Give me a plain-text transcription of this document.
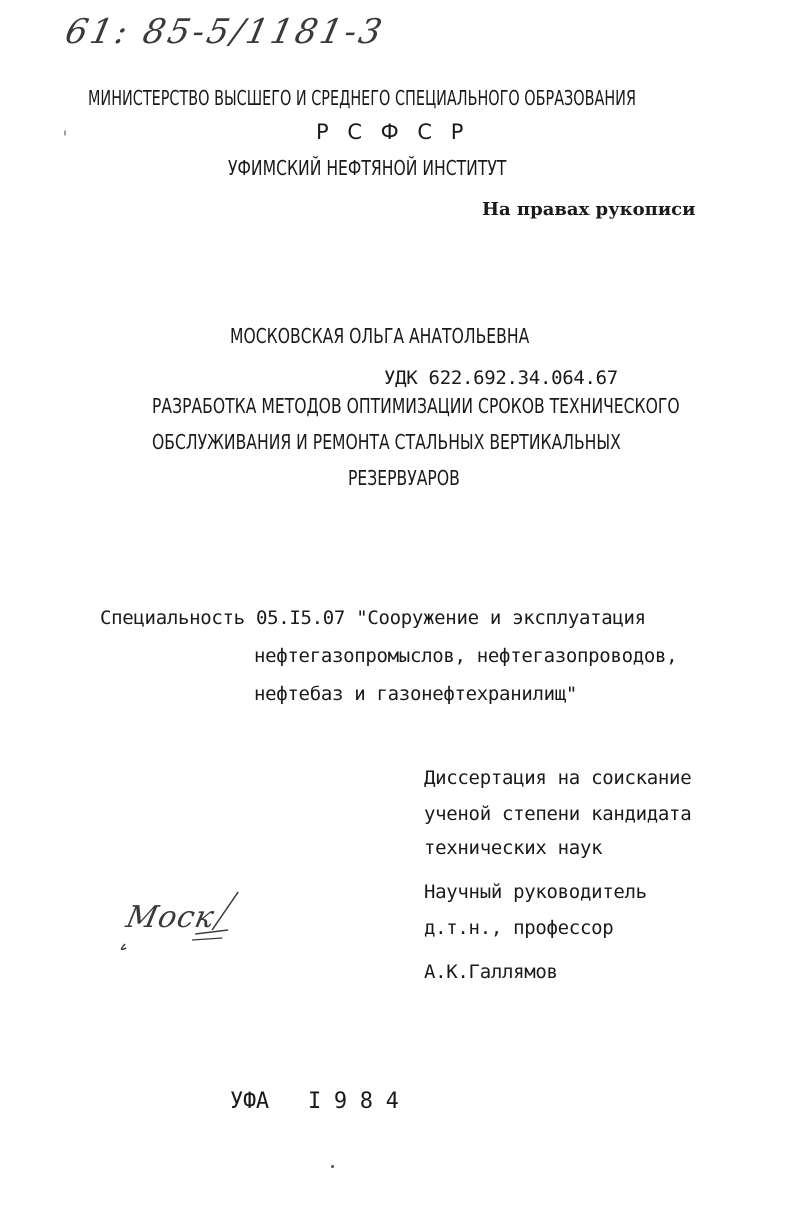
61: 85-5/1181-3
МИНИСТЕРСТВО ВЫСШЕГО И СРЕДНЕГО СПЕЦИАЛЬНОГО ОБРАЗОВАНИЯ
Р С Ф С Р
УФИМСКИЙ НЕФТЯНОЙ ИНСТИТУТ
На правах рукописи
МОСКОВСКАЯ ОЛЬГА АНАТОЛЬЕВНА
УДК 622.692.34.064.67
РАЗРАБОТКА МЕТОДОВ ОПТИМИЗАЦИИ СРОКОВ ТЕХНИЧЕСКОГО
ОБСЛУЖИВАНИЯ И РЕМОНТА СТАЛЬНЫХ ВЕРТИКАЛЬНЫХ
РЕЗЕРВУАРОВ
Специальность 05.I5.07 "Сооружение и эксплуатация
нефтегазопромыслов, нефтегазопроводов,
нефтебаз и газонефтехранилищ"
Диссертация на соискание
ученой степени кандидата
технических наук
Научный руководитель
д.т.н., профессор
А.К.Галлямов
Моск
УФА I 9 8 4
